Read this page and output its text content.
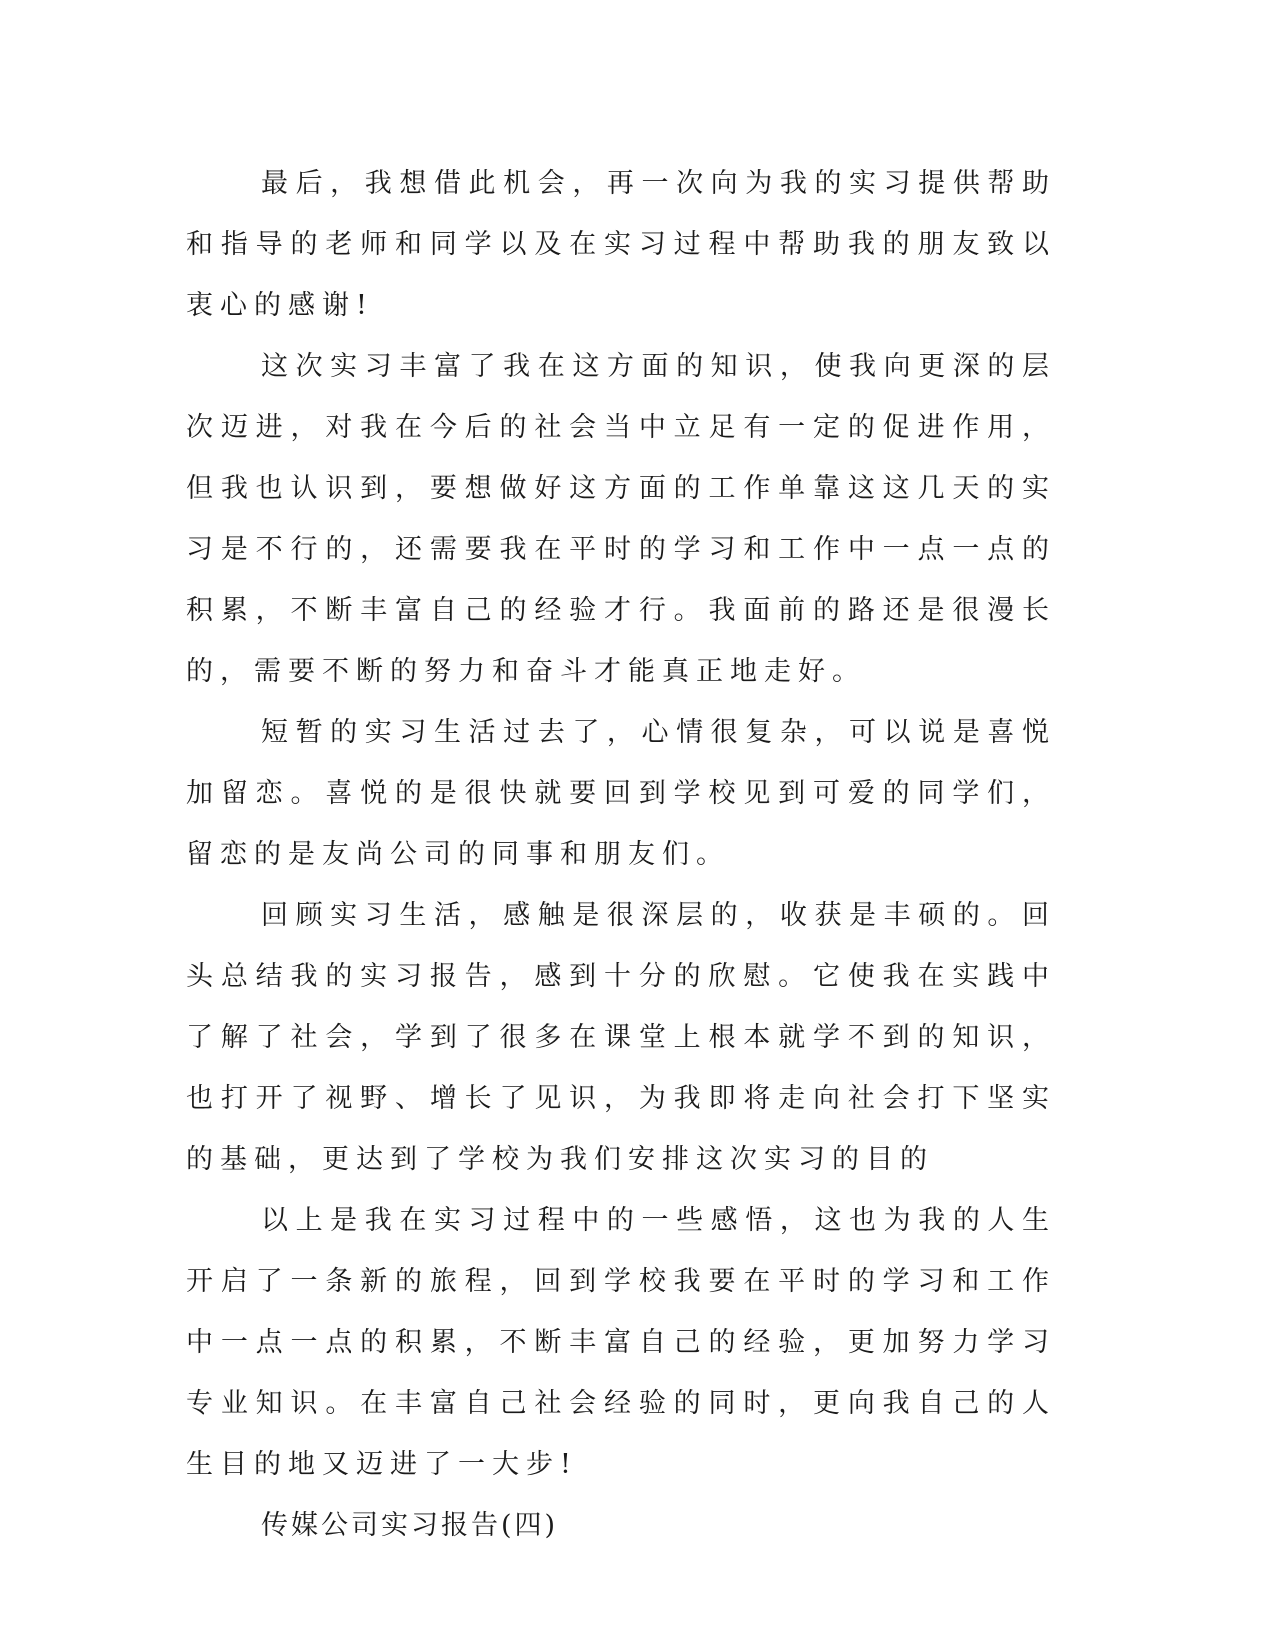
最后，我想借此机会，再一次向为我的实习提供帮助和指导的老师和同学以及在实习过程中帮助我的朋友致以衷心的感谢!

这次实习丰富了我在这方面的知识，使我向更深的层次迈进，对我在今后的社会当中立足有一定的促进作用，但我也认识到，要想做好这方面的工作单靠这这几天的实习是不行的，还需要我在平时的学习和工作中一点一点的积累，不断丰富自己的经验才行。我面前的路还是很漫长的，需要不断的努力和奋斗才能真正地走好。

短暂的实习生活过去了，心情很复杂，可以说是喜悦加留恋。喜悦的是很快就要回到学校见到可爱的同学们，留恋的是友尚公司的同事和朋友们。

回顾实习生活，感触是很深层的，收获是丰硕的。回头总结我的实习报告，感到十分的欣慰。它使我在实践中了解了社会，学到了很多在课堂上根本就学不到的知识，也打开了视野、增长了见识，为我即将走向社会打下坚实的基础，更达到了学校为我们安排这次实习的目的

以上是我在实习过程中的一些感悟，这也为我的人生开启了一条新的旅程，回到学校我要在平时的学习和工作中一点一点的积累，不断丰富自己的经验，更加努力学习专业知识。在丰富自己社会经验的同时，更向我自己的人生目的地又迈进了一大步!

传媒公司实习报告(四)
